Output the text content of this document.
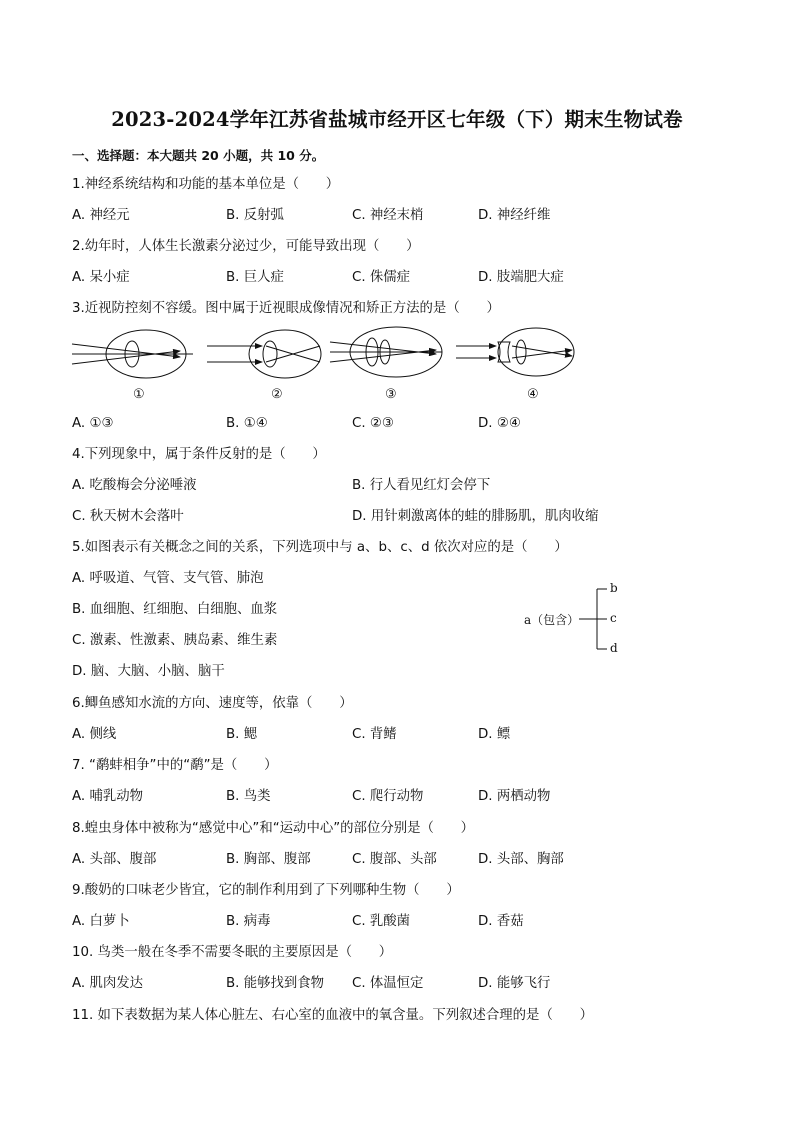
2023-2024学年江苏省盐城市经开区七年级（下）期末生物试卷
一、选择题：本大题共 20 小题，共 10 分。
1.神经系统结构和功能的基本单位是（　　）
A. 神经元	B. 反射弧	C. 神经末梢	D. 神经纤维
2.幼年时，人体生长激素分泌过少，可能导致出现（　　）
A. 呆小症	B. 巨人症	C. 侏儒症	D. 肢端肥大症
3.近视防控刻不容缓。图中属于近视眼成像情况和矫正方法的是（　　）
①	②	③	④
A. ①③	B. ①④	C. ②③	D. ②④
4.下列现象中，属于条件反射的是（　　）
A. 吃酸梅会分泌唾液	B. 行人看见红灯会停下
C. 秋天树木会落叶	D. 用针刺激离体的蛙的腓肠肌，肌肉收缩
5.如图表示有关概念之间的关系，下列选项中与 a、b、c、d 依次对应的是（　　）
A. 呼吸道、气管、支气管、肺泡
B. 血细胞、红细胞、白细胞、血浆
C. 激素、性激素、胰岛素、维生素
D. 脑、大脑、小脑、脑干
a（包含）
b
c
d
6.鲫鱼感知水流的方向、速度等，依靠（　　）
A. 侧线	B. 鳃	C. 背鳍	D. 鳔
7. “鹬蚌相争”中的“鹬”是（　　）
A. 哺乳动物	B. 鸟类	C. 爬行动物	D. 两栖动物
8.蝗虫身体中被称为“感觉中心”和“运动中心”的部位分别是（　　）
A. 头部、腹部	B. 胸部、腹部	C. 腹部、头部	D. 头部、胸部
9.酸奶的口味老少皆宜，它的制作利用到了下列哪种生物（　　）
A. 白萝卜	B. 病毒	C. 乳酸菌	D. 香菇
10. 鸟类一般在冬季不需要冬眠的主要原因是（　　）
A. 肌肉发达	B. 能够找到食物 C. 体温恒定	D. 能够飞行
11. 如下表数据为某人体心脏左、右心室的血液中的氧含量。下列叙述合理的是（　　）
